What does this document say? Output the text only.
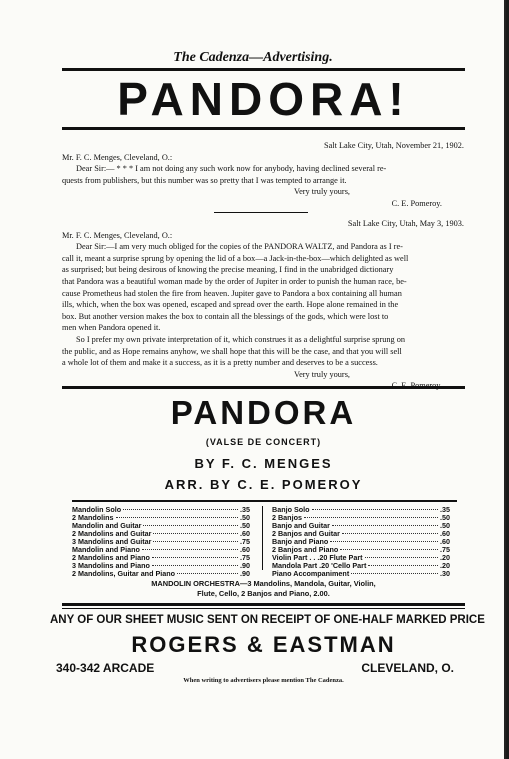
The Cadenza—Advertising.
PANDORA!

Salt Lake City, Utah, November 21, 1902.

Mr. F. C. Menges, Cleveland, O.:

Dear Sir:— * * * I am not doing any such work now for anybody, having declined several re-

quests from publishers, but this number was so pretty that I was tempted to arrange it.

Very truly yours,

C. E. Pomeroy.

Salt Lake City, Utah, May 3, 1903.

Mr. F. C. Menges, Cleveland, O.:

Dear Sir:—I am very much obliged for the copies of the PANDORA WALTZ, and Pandora as I re-

call it, meant a surprise sprung by opening the lid of a box—a Jack-in-the-box—which delighted as well

as surprised; but being desirous of knowing the precise meaning, I find in the unabridged dictionary

that Pandora was a beautiful woman made by the order of Jupiter in order to punish the human race, be-

cause Prometheus had stolen the fire from heaven. Jupiter gave to Pandora a box containing all human

ills, which, when the box was opened, escaped and spread over the earth. Hope alone remained in the

box. But another version makes the box to contain all the blessings of the gods, which were lost to

men when Pandora opened it.

So I prefer my own private interpretation of it, which construes it as a delightful surprise sprung on

the public, and as Hope remains anyhow, we shall hope that this will be the case, and that you will sell

a whole lot of them and make it a success, as it is a pretty number and deserves to be a success.

Very truly yours,

PANDORA
(VALSE DE CONCERT)
BY F. C. MENGES
ARR. BY C. E. POMEROY
Mandolin Solo	.35
2 Mandolins	.50
Mandolin and Guitar	.50
2 Mandolins and Guitar	.60
3 Mandolins and Guitar	.75
Mandolin and Piano	.60
2 Mandolins and Piano	.75
3 Mandolins and Piano	.90
2 Mandolins, Guitar and Piano	.90
Banjo Solo	.35
2 Banjos	.50
Banjo and Guitar	.50
2 Banjos and Guitar	.60
Banjo and Piano	.60
2 Banjos and Piano	.75
Violin Part . . .20 Flute Part	.20
Mandola Part .20 'Cello Part	.20
Piano Accompaniment	.30
MANDOLIN ORCHESTRA—3 Mandolins, Mandola, Guitar, Violin,
Flute, Cello, 2 Banjos and Piano, 2.00.
ANY OF OUR SHEET MUSIC SENT ON RECEIPT OF ONE-HALF MARKED PRICE
ROGERS & EASTMAN
340-342 ARCADE	CLEVELAND, O.
When writing to advertisers please mention The Cadenza.
